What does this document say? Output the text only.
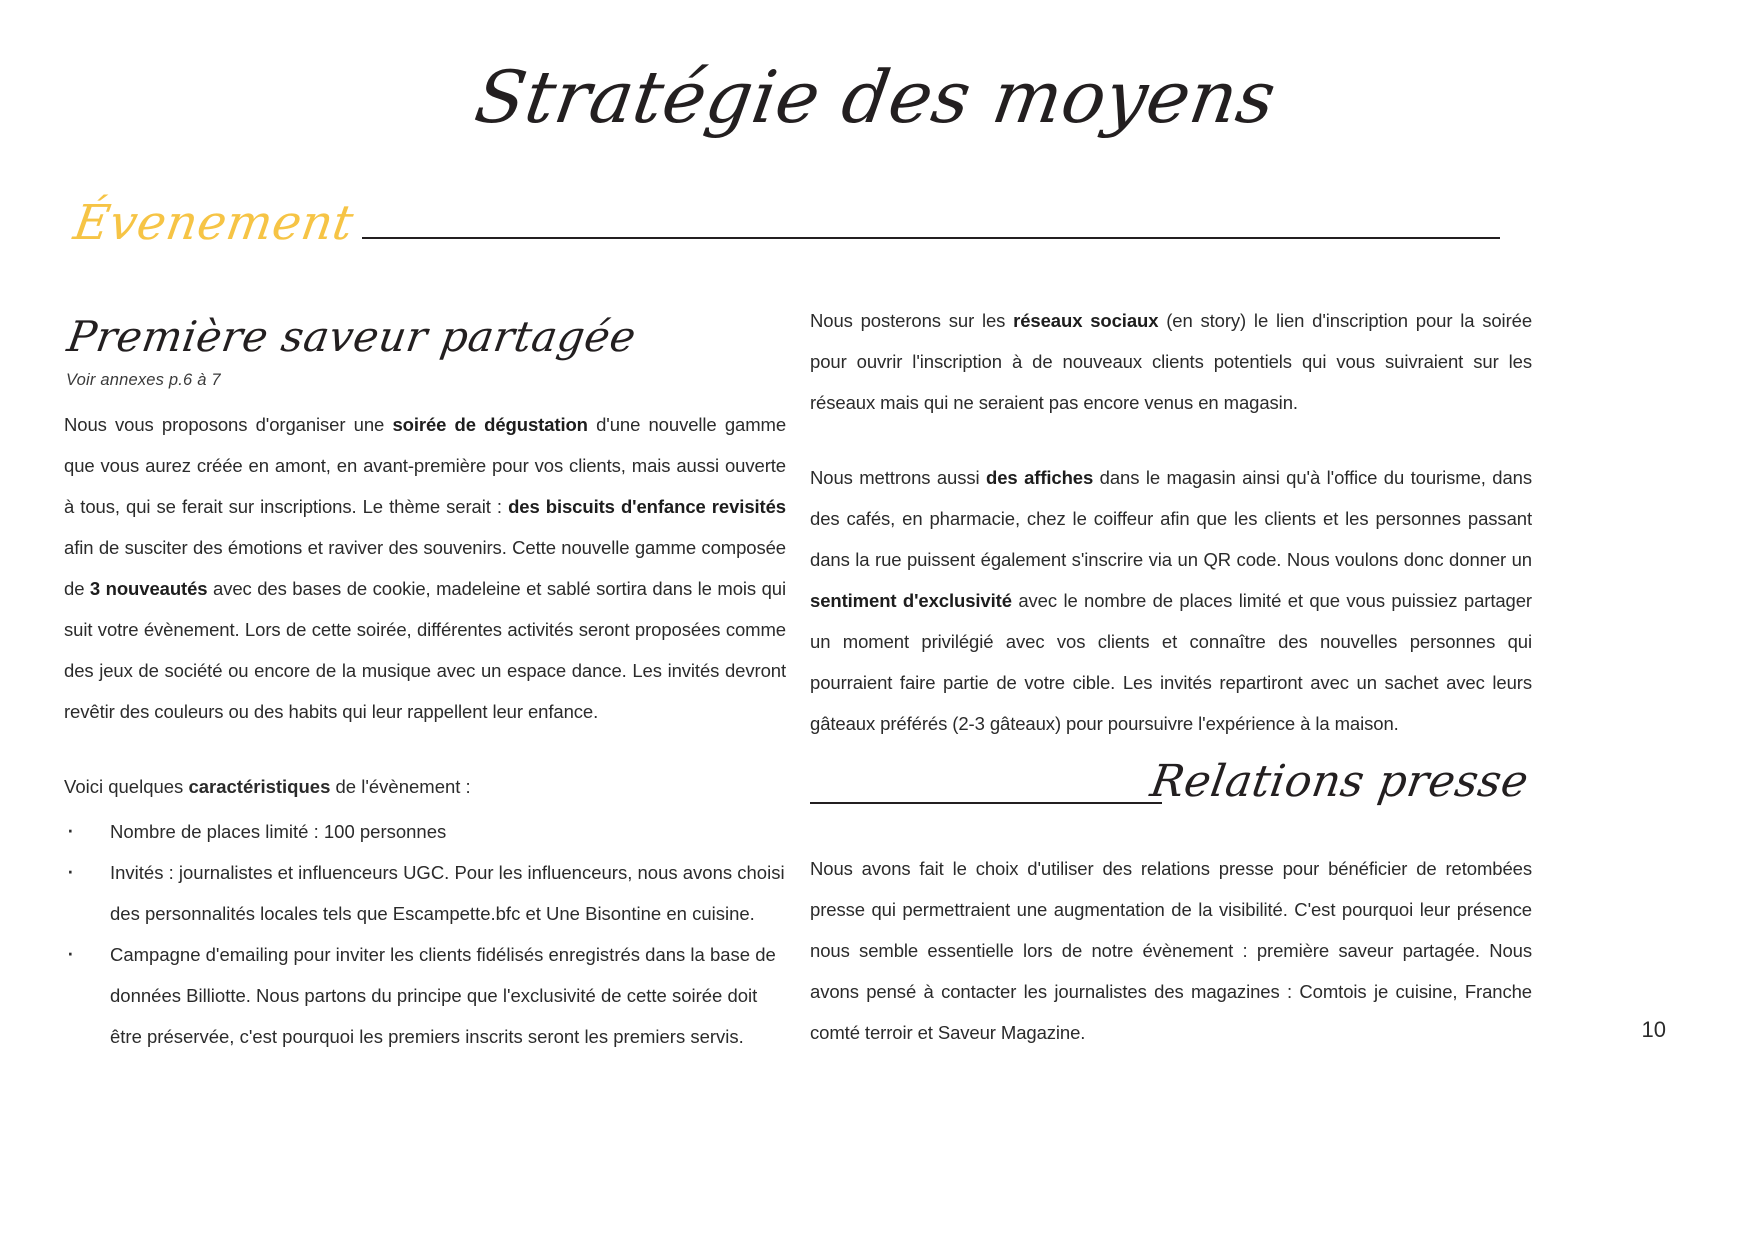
Stratégie des moyens
Évenement
Première saveur partagée
Voir annexes p.6 à 7

Nous vous proposons d'organiser une soirée de dégustation d'une nouvelle gamme que vous aurez créée en amont, en avant-première pour vos clients, mais aussi ouverte à tous, qui se ferait sur inscriptions. Le thème serait : des biscuits d'enfance revisités afin de susciter des émotions et raviver des souvenirs. Cette nouvelle gamme composée de 3 nouveautés avec des bases de cookie, madeleine et sablé sortira dans le mois qui suit votre évènement. Lors de cette soirée, différentes activités seront proposées comme des jeux de société ou encore de la musique avec un espace dance. Les invités devront revêtir des couleurs ou des habits qui leur rappellent leur enfance.

Voici quelques caractéristiques de l'évènement :
· Nombre de places limité : 100 personnes
· Invités : journalistes et influenceurs UGC. Pour les influenceurs, nous avons choisi des personnalités locales tels que Escampette.bfc et Une Bisontine en cuisine.
· Campagne d'emailing pour inviter les clients fidélisés enregistrés dans la base de données Billiotte. Nous partons du principe que l'exclusivité de cette soirée doit être préservée, c'est pourquoi les premiers inscrits seront les premiers servis.

Nous posterons sur les réseaux sociaux (en story) le lien d'inscription pour la soirée pour ouvrir l'inscription à de nouveaux clients potentiels qui vous suivraient sur les réseaux mais qui ne seraient pas encore venus en magasin.

Nous mettrons aussi des affiches dans le magasin ainsi qu'à l'office du tourisme, dans des cafés, en pharmacie, chez le coiffeur afin que les clients et les personnes passant dans la rue puissent également s'inscrire via un QR code. Nous voulons donc donner un sentiment d'exclusivité avec le nombre de places limité et que vous puissiez partager un moment privilégié avec vos clients et connaître des nouvelles personnes qui pourraient faire partie de votre cible. Les invités repartiront avec un sachet avec leurs gâteaux préférés (2-3 gâteaux) pour poursuivre l'expérience à la maison.

Relations presse

Nous avons fait le choix d'utiliser des relations presse pour bénéficier de retombées presse qui permettraient une augmentation de la visibilité. C'est pourquoi leur présence nous semble essentielle lors de notre évènement : première saveur partagée. Nous avons pensé à contacter les journalistes des magazines : Comtois je cuisine, Franche comté terroir et Saveur Magazine.	10
